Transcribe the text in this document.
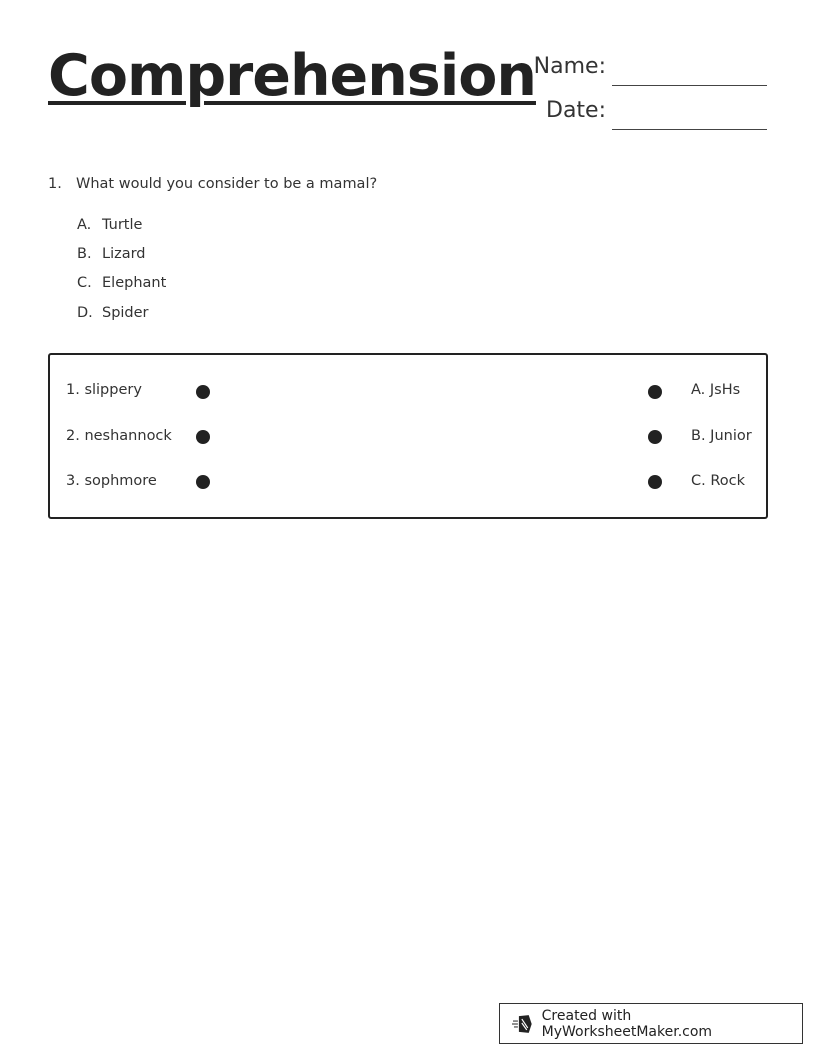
Comprehension
Name:
Date:
1. What would you consider to be a mamal?
A. Turtle
B. Lizard
C. Elephant
D. Spider
1. slippery	A. JsHs
2. neshannock	B. Junior
3. sophmore	C. Rock
Created with MyWorksheetMaker.com
